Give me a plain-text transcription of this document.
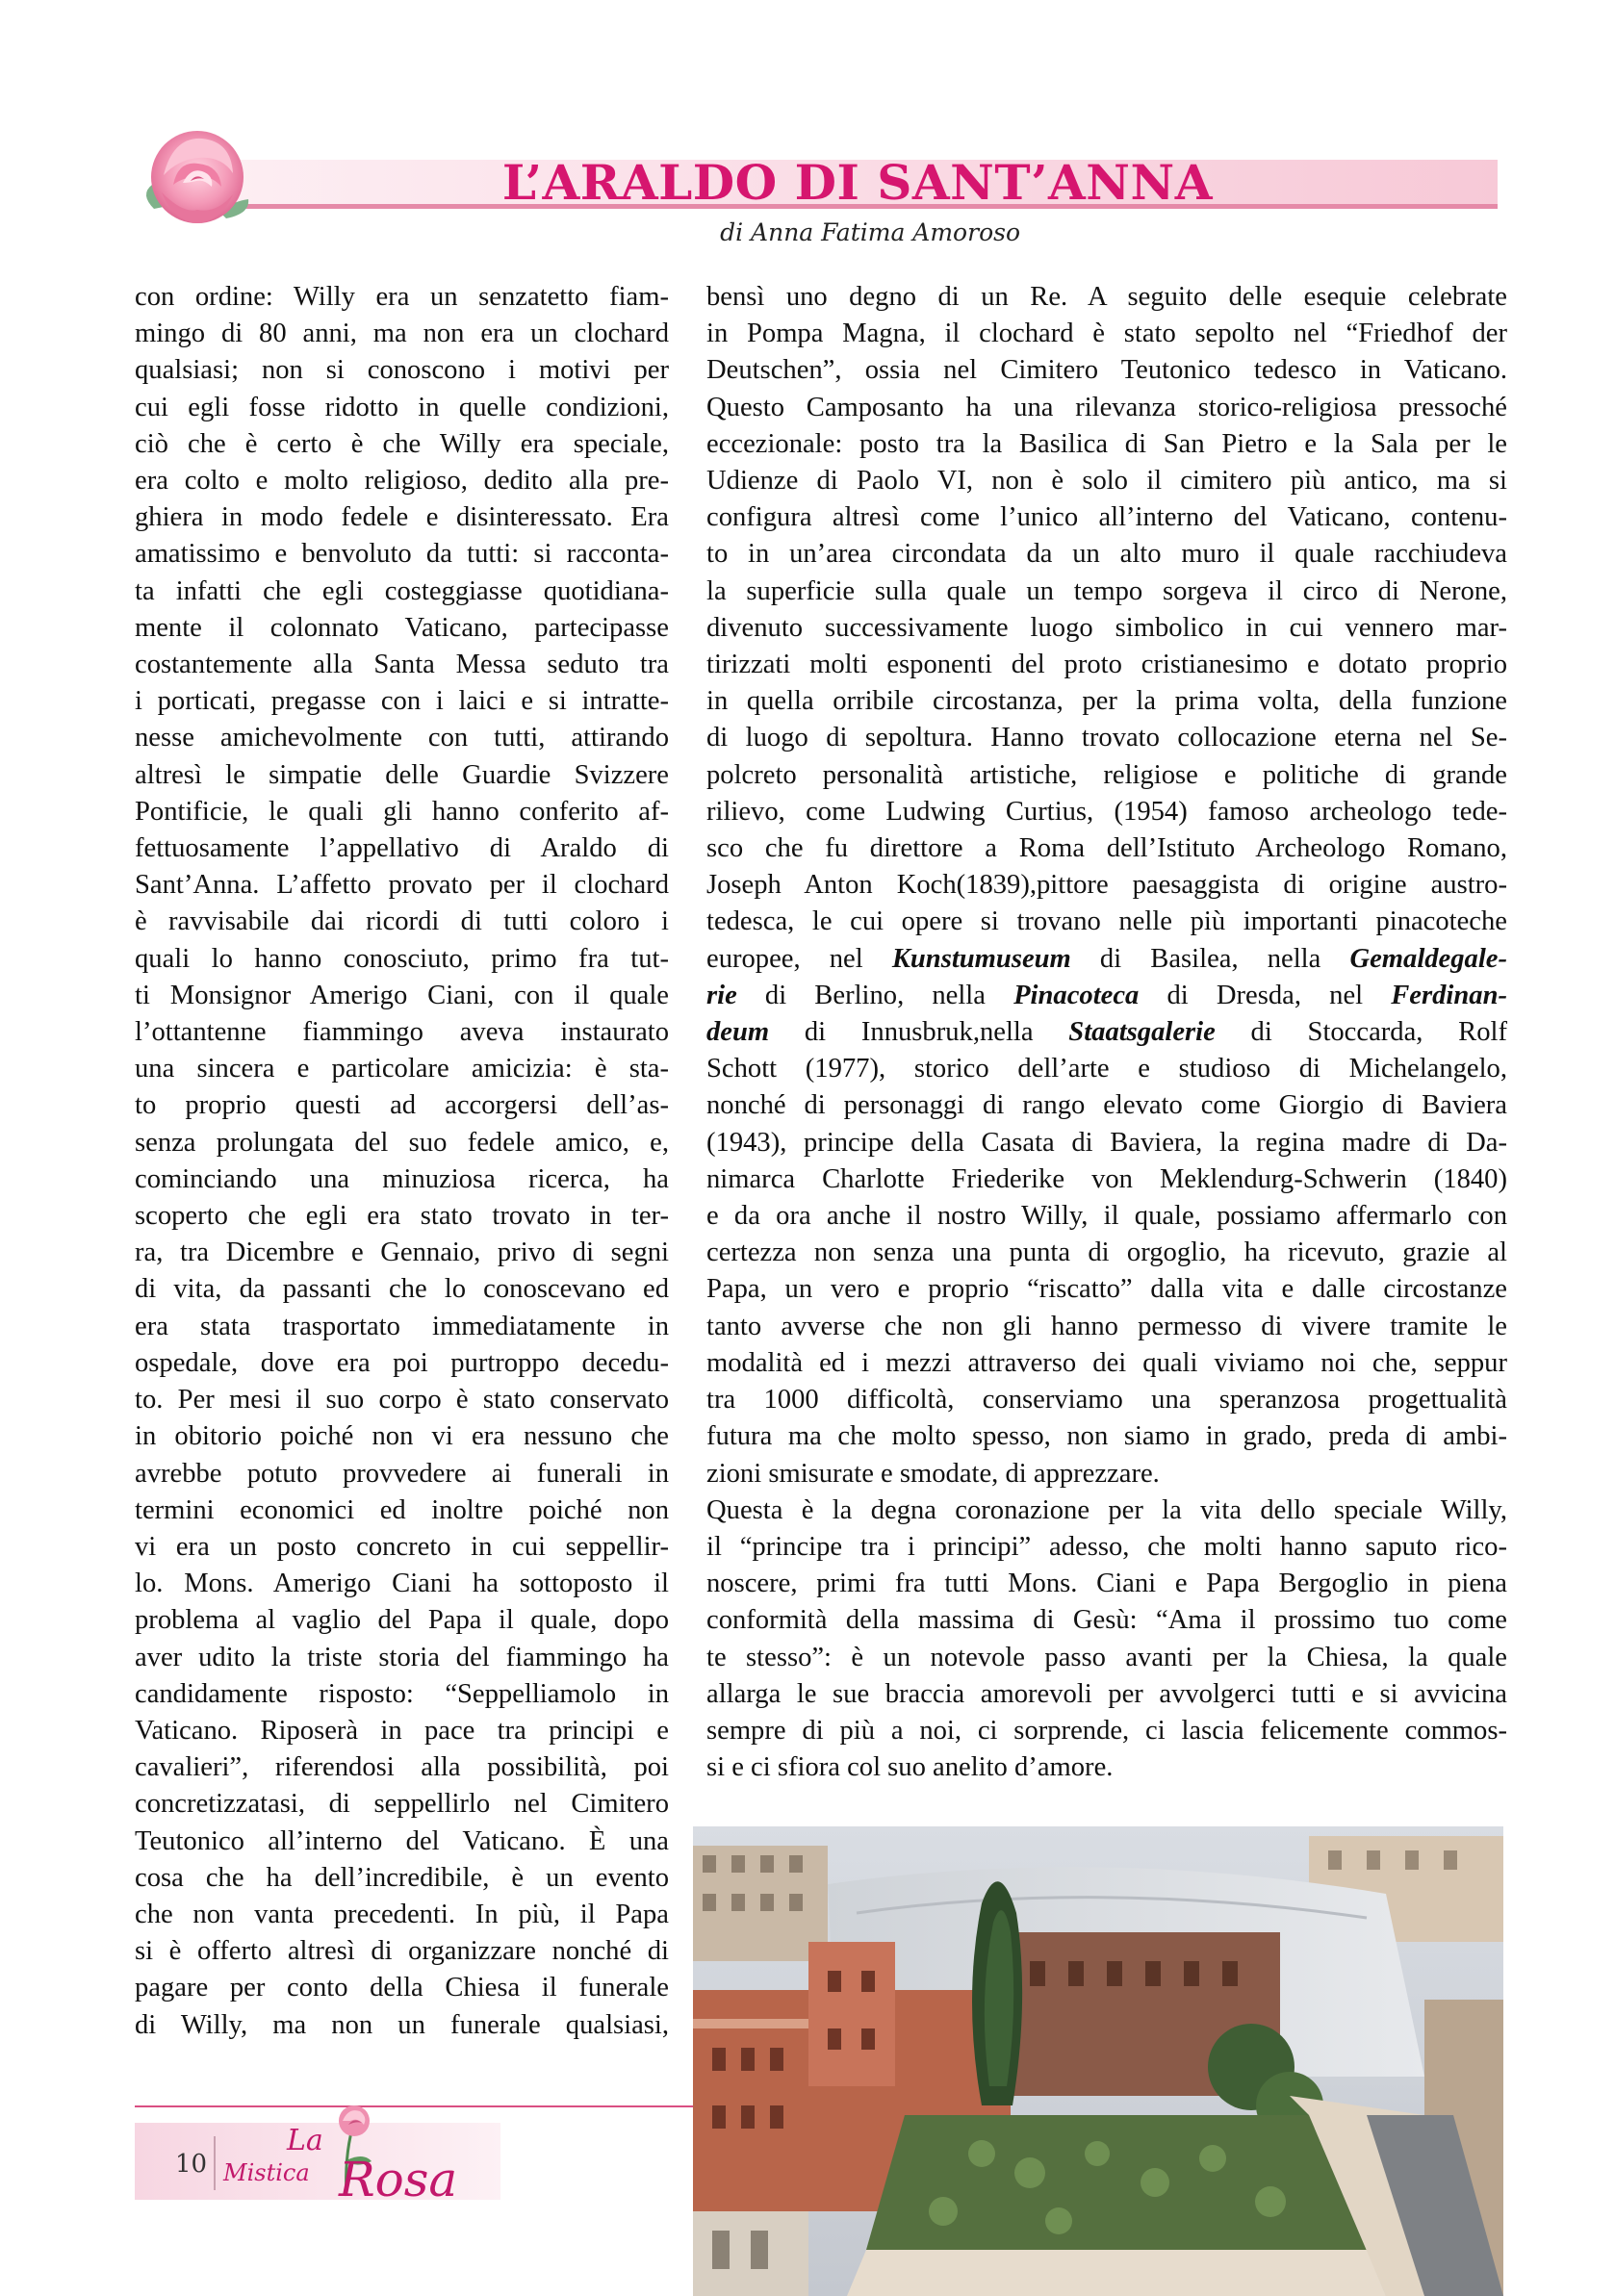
L’ARALDO DI SANT’ANNA
di Anna Fatima Amoroso
con ordine: Willy era un senzatetto fiam-
mingo di 80 anni, ma non era un clochard
qualsiasi; non si conoscono i motivi per
cui egli fosse ridotto in quelle condizioni,
ciò che è certo è che Willy era speciale,
era colto e molto religioso, dedito alla pre-
ghiera in modo fedele e disinteressato. Era
amatissimo e benvoluto da tutti: si racconta-
ta infatti che egli costeggiasse quotidiana-
mente il colonnato Vaticano, partecipasse
costantemente alla Santa Messa seduto tra
i porticati, pregasse con i laici e si intratte-
nesse amichevolmente con tutti, attirando
altresì le simpatie delle Guardie Svizzere
Pontificie, le quali gli hanno conferito af-
fettuosamente l’appellativo di Araldo di
Sant’Anna. L’affetto provato per il clochard
è ravvisabile dai ricordi di tutti coloro i
quali lo hanno conosciuto, primo fra tut-
ti Monsignor Amerigo Ciani, con il quale
l’ottantenne fiammingo aveva instaurato
una sincera e particolare amicizia: è sta-
to proprio questi ad accorgersi dell’as-
senza prolungata del suo fedele amico, e,
cominciando una minuziosa ricerca, ha
scoperto che egli era stato trovato in ter-
ra, tra Dicembre e Gennaio, privo di segni
di vita, da passanti che lo conoscevano ed
era stata trasportato immediatamente in
ospedale, dove era poi purtroppo decedu-
to. Per mesi il suo corpo è stato conservato
in obitorio poiché non vi era nessuno che
avrebbe potuto provvedere ai funerali in
termini economici ed inoltre poiché non
vi era un posto concreto in cui seppellir-
lo. Mons. Amerigo Ciani ha sottoposto il
problema al vaglio del Papa il quale, dopo
aver udito la triste storia del fiammingo ha
candidamente risposto: “Seppelliamolo in
Vaticano. Riposerà in pace tra principi e
cavalieri”, riferendosi alla possibilità, poi
concretizzatasi, di seppellirlo nel Cimitero
Teutonico all’interno del Vaticano. È una
cosa che ha dell’incredibile, è un evento
che non vanta precedenti. In più, il Papa
si è offerto altresì di organizzare nonché di
pagare per conto della Chiesa il funerale
di Willy, ma non un funerale qualsiasi,
bensì uno degno di un Re. A seguito delle esequie celebrate
in Pompa Magna, il clochard è stato sepolto nel “Friedhof der
Deutschen”, ossia nel Cimitero Teutonico tedesco in Vaticano.
Questo Camposanto ha una rilevanza storico-religiosa pressoché
eccezionale: posto tra la Basilica di San Pietro e la Sala per le
Udienze di Paolo VI, non è solo il cimitero più antico, ma si
configura altresì come l’unico all’interno del Vaticano, contenu-
to in un’area circondata da un alto muro il quale racchiudeva
la superficie sulla quale un tempo sorgeva il circo di Nerone,
divenuto successivamente luogo simbolico in cui vennero mar-
tirizzati molti esponenti del proto cristianesimo e dotato proprio
in quella orribile circostanza, per la prima volta, della funzione
di luogo di sepoltura. Hanno trovato collocazione eterna nel Se-
polcreto personalità artistiche, religiose e politiche di grande
rilievo, come Ludwing Curtius, (1954) famoso archeologo tede-
sco che fu direttore a Roma dell’Istituto Archeologo Romano,
Joseph Anton Koch(1839),pittore paesaggista di origine austro-
tedesca, le cui opere si trovano nelle più importanti pinacoteche
europee, nel Kunstumuseum di Basilea, nella Gemaldegale-
rie di Berlino, nella Pinacoteca di Dresda, nel Ferdinan-
deum di Innusbruk,nella Staatsgalerie di Stoccarda, Rolf
Schott (1977), storico dell’arte e studioso di Michelangelo,
nonché di personaggi di rango elevato come Giorgio di Baviera
(1943), principe della Casata di Baviera, la regina madre di Da-
nimarca Charlotte Friederike von Meklendurg-Schwerin (1840)
e da ora anche il nostro Willy, il quale, possiamo affermarlo con
certezza non senza una punta di orgoglio, ha ricevuto, grazie al
Papa, un vero e proprio “riscatto” dalla vita e dalle circostanze
tanto avverse che non gli hanno permesso di vivere tramite le
modalità ed i mezzi attraverso dei quali viviamo noi che, seppur
tra 1000 difficoltà, conserviamo una speranzosa progettualità
futura ma che molto spesso, non siamo in grado, preda di ambi-
zioni smisurate e smodate, di apprezzare.
Questa è la degna coronazione per la vita dello speciale Willy,
il “principe tra i principi” adesso, che molti hanno saputo rico-
noscere, primi fra tutti Mons. Ciani e Papa Bergoglio in piena
conformità della massima di Gesù: “Ama il prossimo tuo come
te stesso”: è un notevole passo avanti per la Chiesa, la quale
allarga le sue braccia amorevoli per avvolgerci tutti e si avvicina
sempre di più a noi, ci sorprende, ci lascia felicemente commos-
si e ci sfiora col suo anelito d’amore.
10
La
Mistica Rosa
